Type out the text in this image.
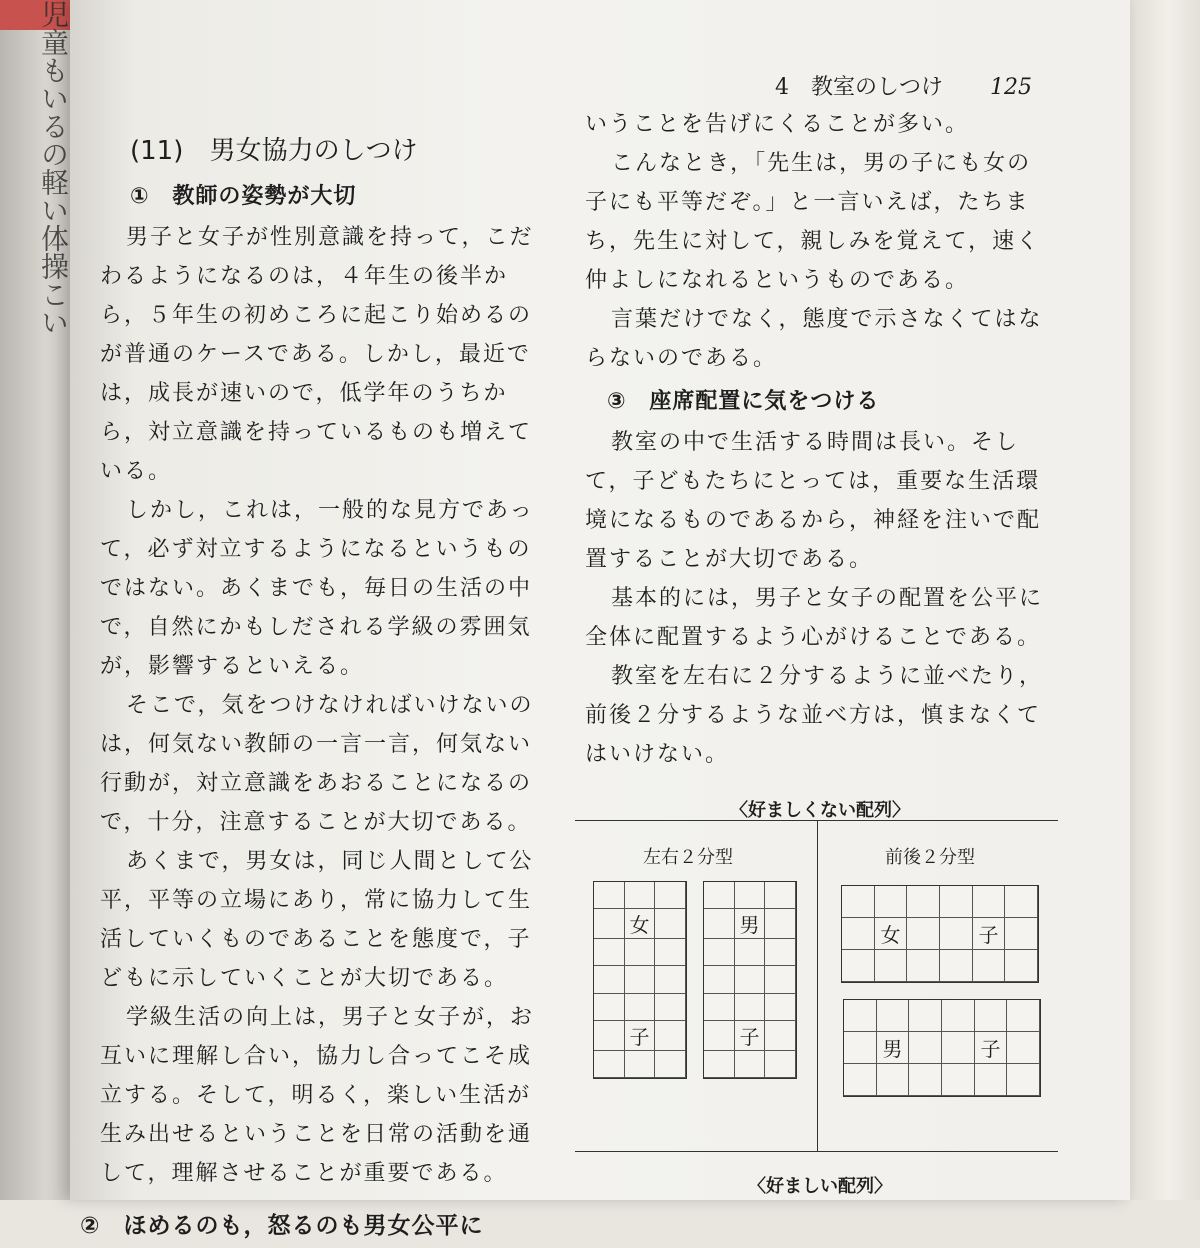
児童もいるの軽い体操こい	4　教室のしつけ 125
(11) 男女協力のしつけ
① 教師の姿勢が大切

男子と女子が性別意識を持って，こだわるようになるのは，４年生の後半から，５年生の初めころに起こり始めるのが普通のケースである。しかし，最近では，成長が速いので，低学年のうちから，対立意識を持っているものも増えている。

しかし，これは，一般的な見方であって，必ず対立するようになるというものではない。あくまでも，毎日の生活の中で，自然にかもしだされる学級の雰囲気が，影響するといえる。

そこで，気をつけなければいけないのは，何気ない教師の一言一言，何気ない行動が，対立意識をあおることになるので，十分，注意することが大切である。

あくまで，男女は，同じ人間として公平，平等の立場にあり，常に協力して生活していくものであることを態度で，子どもに示していくことが大切である。

学級生活の向上は，男子と女子が，お互いに理解し合い，協力し合ってこそ成立する。そして，明るく，楽しい生活が生み出せるということを日常の活動を通して，理解させることが重要である。

② ほめるのも，怒るのも男女公平に

いうことを告げにくることが多い。

こんなとき，「先生は，男の子にも女の子にも平等だぞ。」と一言いえば，たちまち，先生に対して，親しみを覚えて，速く仲よしになれるというものである。

言葉だけでなく，態度で示さなくてはならないのである。

③ 座席配置に気をつける

教室の中で生活する時間は長い。そして，子どもたちにとっては，重要な生活環境になるものであるから，神経を注いで配置することが大切である。

基本的には，男子と女子の配置を公平に全体に配置するよう心がけることである。

教室を左右に２分するように並べたり，前後２分するような並べ方は，慎まなくてはいけない。

〈好ましくない配列〉
左右２分型	前後２分型
女
子
男
子
女	子
男	子
〈好ましい配列〉
